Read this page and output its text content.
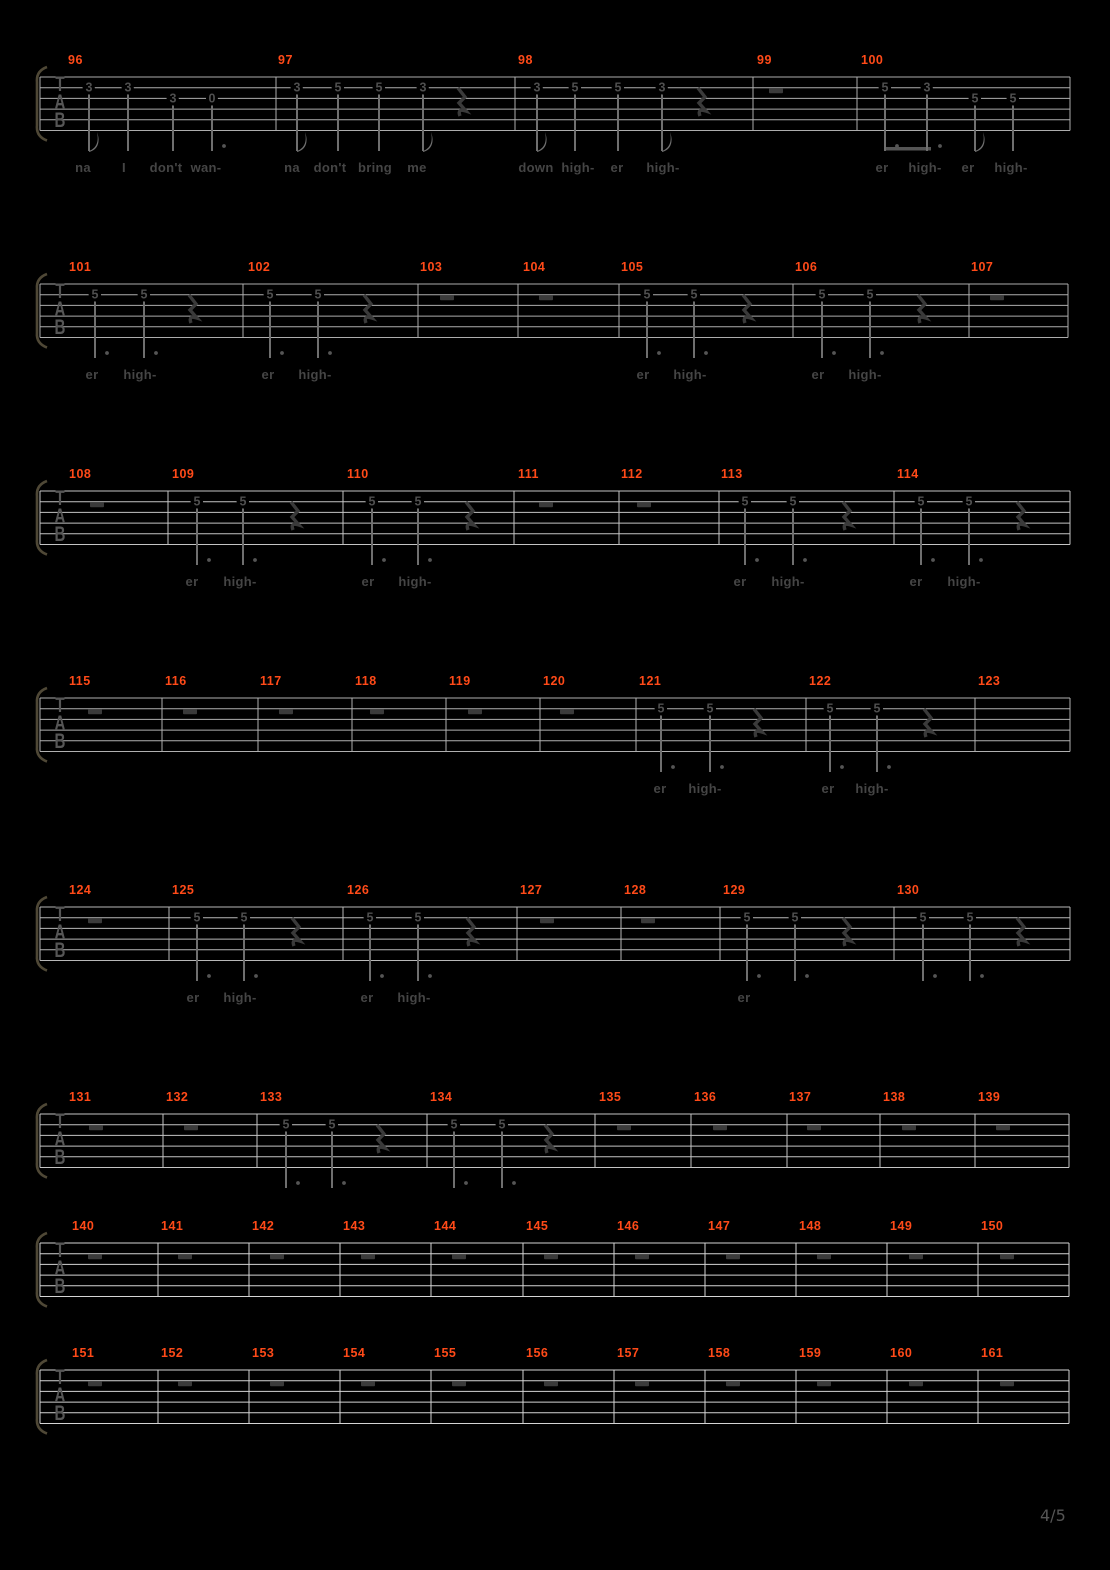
T
A
B
96	97	98	99	100
3	3
3	0
3	5	5	3	3 5	5	3	5	3
5 5
na I don't wan-	na don't bring me	down high- er high-	er high- er high-
T
A
B
101	102	103	104	105	106	107
5	5	5	5	5	5	5	5
er high-	er high-	er high-	er high-
T
A
B
108	109	110	111	112	113	114
5	5	5	5	5	5	5	5
er high-	er high-	er high-	er high-
T
A
B
115	116	117	118	119	120	121	122	123
5	5	5	5
er high-	er high-
T
A
B
124	125	126	127	128	129	130
5	5	5	5	5	5	5	5
er high-	er high-	er
T
A
B
131	132	133	134	135	136	137	138	139
5	5	5	5
T
A
B
140	141	142	143	144	145	146	147	148	149	150
T
A
B
151	152	153	154	155	156	157	158	159	160	161
4/5
